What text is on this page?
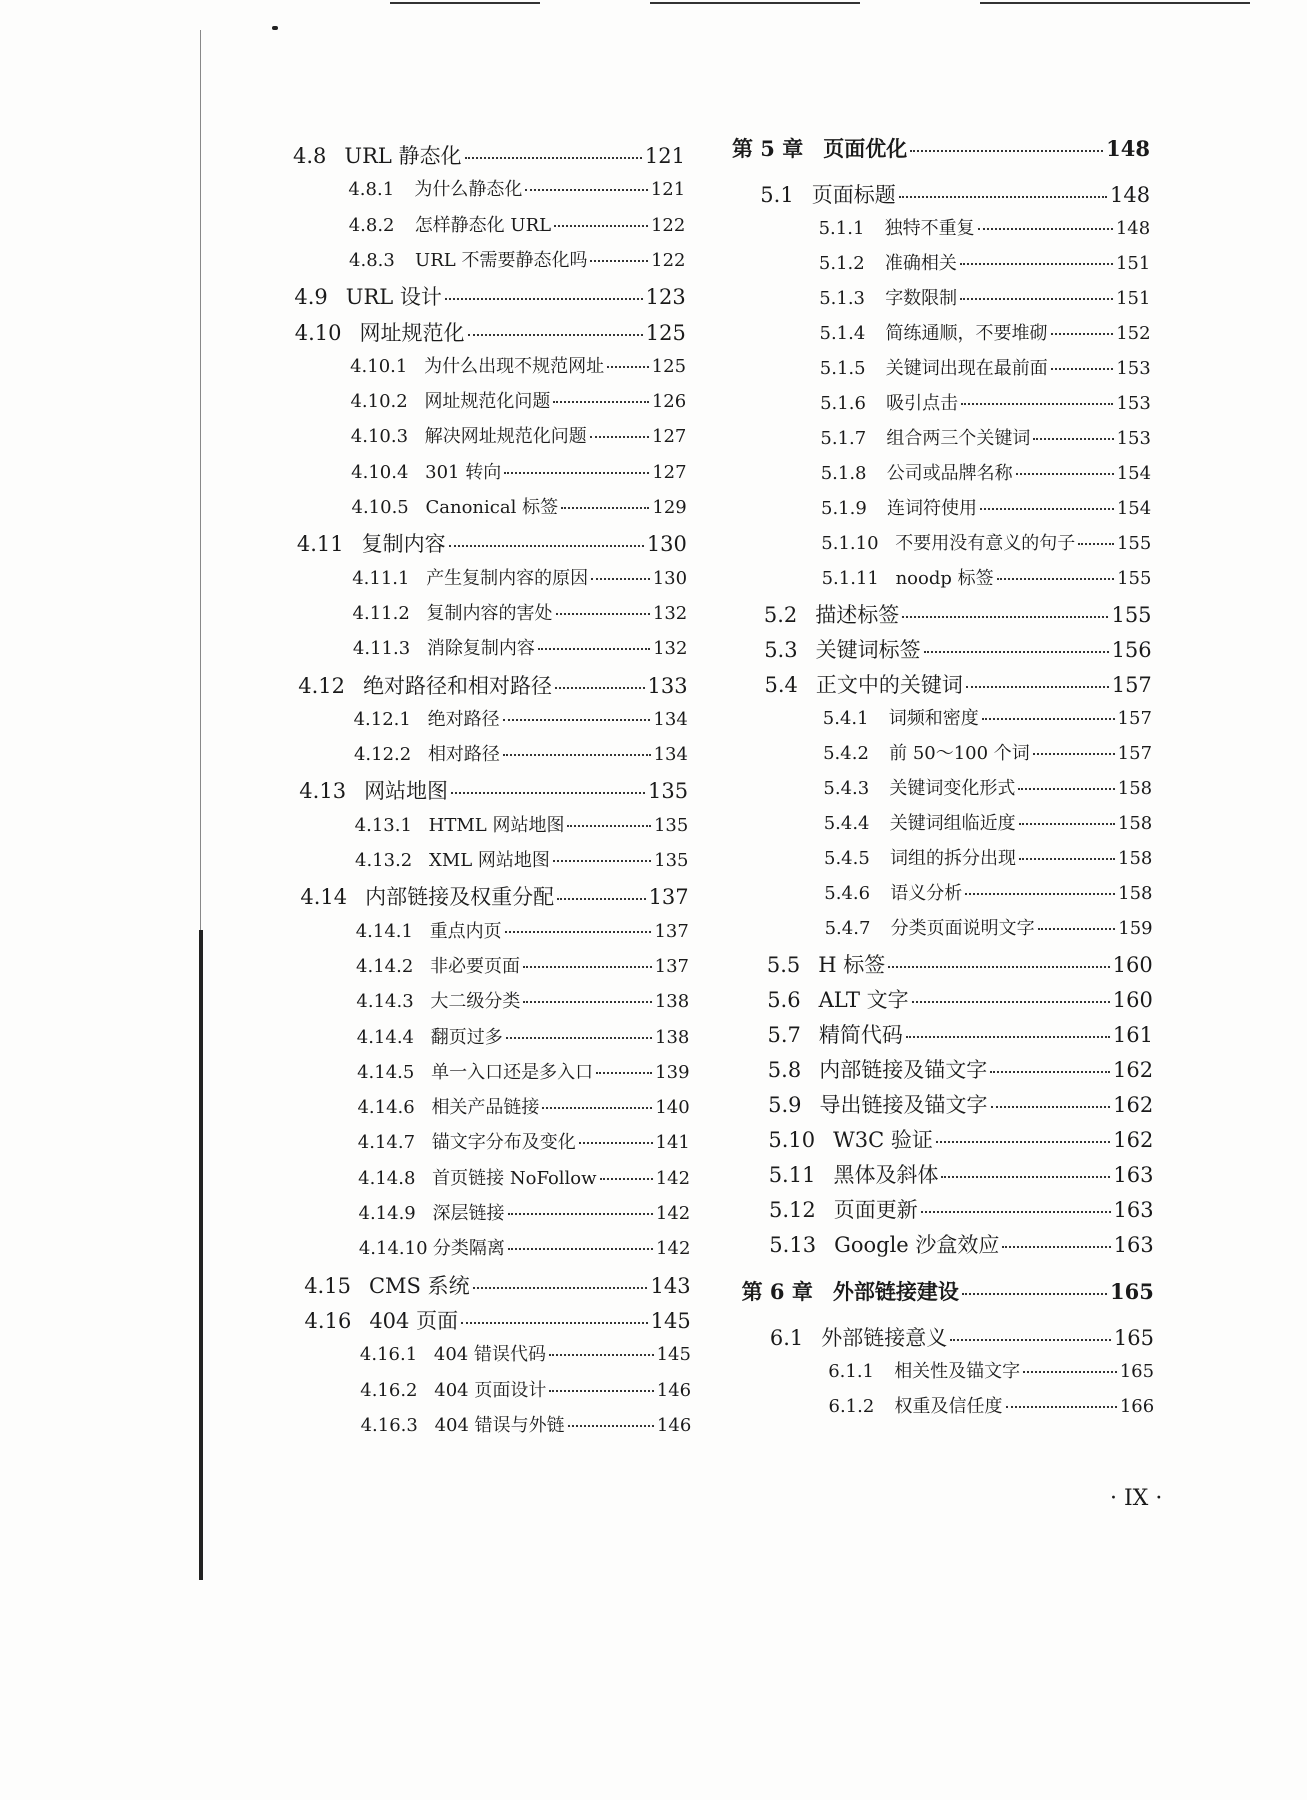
4.8 URL 静态化	121
4.8.1	为什么静态化	121
4.8.2	怎样静态化 URL	122
4.8.3	URL 不需要静态化吗	122
4.9 URL 设计	123
4.10 网址规范化	125
4.10.1 为什么出现不规范网址	125
4.10.2 网址规范化问题	126
4.10.3 解决网址规范化问题	127
4.10.4 301 转向	127
4.10.5 Canonical 标签	129
4.11 复制内容	130
4.11.1 产生复制内容的原因	130
4.11.2 复制内容的害处	132
4.11.3 消除复制内容	132
4.12 绝对路径和相对路径	133
4.12.1 绝对路径	134
4.12.2 相对路径	134
4.13 网站地图	135
4.13.1 HTML 网站地图	135
4.13.2 XML 网站地图	135
4.14 内部链接及权重分配	137
4.14.1 重点内页	137
4.14.2 非必要页面	137
4.14.3 大二级分类	138
4.14.4 翻页过多	138
4.14.5 单一入口还是多入口	139
4.14.6 相关产品链接	140
4.14.7 锚文字分布及变化	141
4.14.8 首页链接 NoFollow	142
4.14.9 深层链接	142
4.14.10 分类隔离	142
4.15 CMS 系统	143
4.16 404 页面	145
4.16.1 404 错误代码	145
4.16.2 404 页面设计	146
4.16.3 404 错误与外链	146
第 5 章 页面优化	148
5.1 页面标题	148
5.1.1	独特不重复	148
5.1.2	准确相关	151
5.1.3	字数限制	151
5.1.4	简练通顺，不要堆砌	152
5.1.5	关键词出现在最前面	153
5.1.6	吸引点击	153
5.1.7	组合两三个关键词	153
5.1.8	公司或品牌名称	154
5.1.9	连词符使用	154
5.1.10 不要用没有意义的句子 155
5.1.11 noodp 标签	155
5.2 描述标签	155
5.3 关键词标签	156
5.4 正文中的关键词	157
5.4.1	词频和密度	157
5.4.2	前 50～100 个词	157
5.4.3	关键词变化形式	158
5.4.4	关键词组临近度	158
5.4.5	词组的拆分出现	158
5.4.6	语义分析	158
5.4.7	分类页面说明文字	159
5.5 H 标签	160
5.6 ALT 文字	160
5.7 精简代码	161
5.8 内部链接及锚文字	162
5.9 导出链接及锚文字	162
5.10 W3C 验证	162
5.11 黑体及斜体	163
5.12 页面更新	163
5.13 Google 沙盒效应	163
第 6 章 外部链接建设	165
6.1 外部链接意义	165
6.1.1	相关性及锚文字	165
6.1.2	权重及信任度	166
· IX ·
